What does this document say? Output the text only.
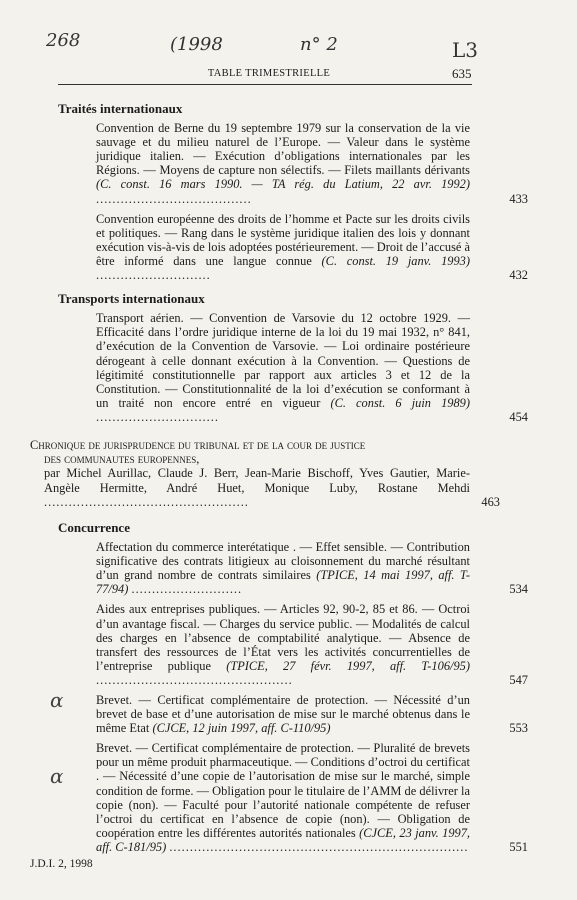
268	(1998	n° 2	L3
TABLE TRIMESTRIELLE	635
Traités internationaux
Convention de Berne du 19 septembre 1979 sur la conservation de la vie sauvage et du milieu naturel de l’Europe. — Valeur dans le système juridique italien. — Exécution d’obligations internationales par les Régions. — Moyens de capture non sélectifs. — Filets maillants dérivants (C. const. 16 mars 1990. — TA rég. du Latium, 22 avr. 1992) ......................................	433
Convention européenne des droits de l’homme et Pacte sur les droits civils et politiques. — Rang dans le système juridique italien des lois y donnant exécution vis-à-vis de lois adoptées postérieurement. — Droit de l’accusé à être informé dans une langue connue (C. const. 19 janv. 1993) ............................	432
Transports internationaux
Transport aérien. — Convention de Varsovie du 12 octobre 1929. — Efficacité dans l’ordre juridique interne de la loi du 19 mai 1932, n° 841, d’exécution de la Convention de Varsovie. — Loi ordinaire postérieure dérogeant à celle donnant exécution à la Convention. — Questions de légitimité constitutionnelle par rapport aux articles 3 et 12 de la Constitution. — Constitutionnalité de la loi d’exécution se conformant à un traité non encore entré en vigueur (C. const. 6 juin 1989) ..............................	454
Chronique de jurisprudence du tribunal et de la cour de justice
des communautes europennes,
par Michel Aurillac, Claude J. Berr, Jean-Marie Bischoff, Yves Gautier, Marie-Angèle Hermitte, André Huet, Monique Luby, Rostane Mehdi ..................................................	463
Concurrence
Affectation du commerce interétatique . — Effet sensible. — Contribution significative des contrats litigieux au cloisonnement du marché résultant d’un grand nombre de contrats similaires (TPICE, 14 mai 1997, aff. T-77/94) ...........................	534
Aides aux entreprises publiques. — Articles 92, 90-2, 85 et 86. — Octroi d’un avantage fiscal. — Charges du service public. — Modalités de calcul des charges en l’absence de comptabilité analytique. — Absence de transfert des ressources de l’État vers les activités concurrentielles de l’entreprise publique (TPICE, 27 févr. 1997, aff. T-106/95) ................................................	547
α	Brevet. — Certificat complémentaire de protection. — Nécessité d’un brevet de base et d’une autorisation de mise sur le marché obtenus dans le même Etat (CJCE, 12 juin 1997, aff. C-110/95)	553
α
Brevet. — Certificat complémentaire de protection. — Pluralité de brevets pour un même produit pharmaceutique. — Conditions d’octroi du certificat . — Nécessité d’une copie de l’autorisation de mise sur le marché, simple condition de forme. — Obligation pour le titulaire de l’AMM de délivrer la copie (non). — Faculté pour l’autorité nationale compétente de refuser l’octroi du certificat en l’absence de copie (non). — Obligation de coopération entre les différentes autorités nationales (CJCE, 23 janv. 1997, aff. C-181/95) .........................................................................	551
J.D.I. 2, 1998
